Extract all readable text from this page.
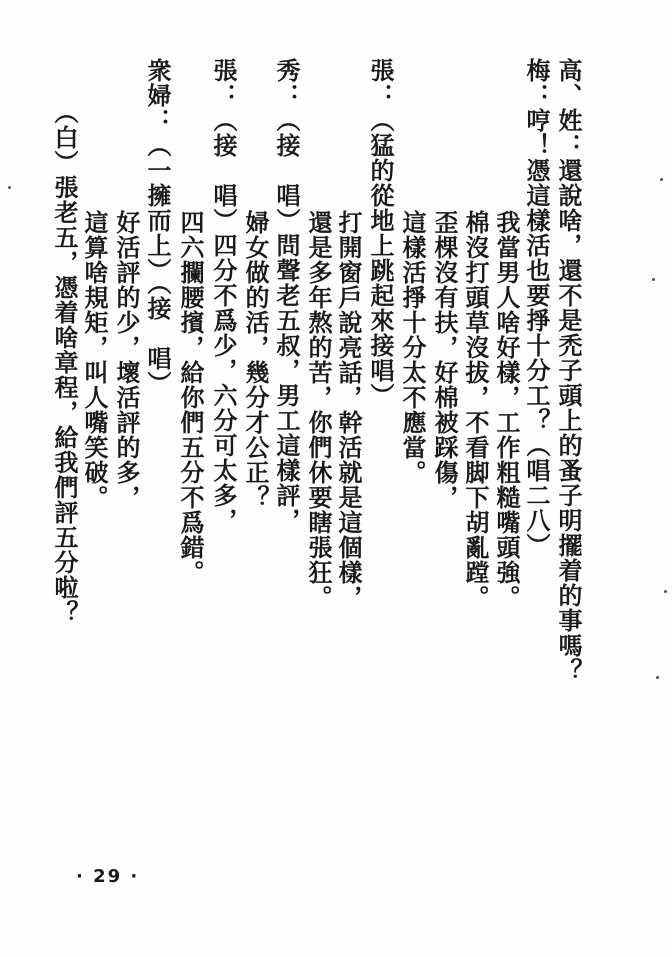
高、姓：還說啥，還不是禿子頭上的蚤子明擺着的事嗎？
梅：哼！憑這樣活也要掙十分工？（唱二八）
我當男人啥好樣，工作粗糙嘴頭強。
棉沒打頭草沒拔，不看脚下胡亂蹚。
歪棵沒有扶，好棉被踩傷，
這樣活掙十分太不應當。
張：（猛的從地上跳起來接唱）
打開窗戶說亮話，幹活就是這個樣，
還是多年熬的苦，你們休要瞎張狂。
秀：（接　唱）問聲老五叔，男工這樣評，
婦女做的活，幾分才公正？
張：（接　唱）四分不爲少，六分可太多，
四六攔腰擯，給你們五分不爲錯。
衆婦：（一擁而上）（接　唱）
好活評的少，壞活評的多，
這算啥規矩，叫人嘴笑破。
（白）張老五，憑着啥章程，給我們評五分啦？
· 29 ·
